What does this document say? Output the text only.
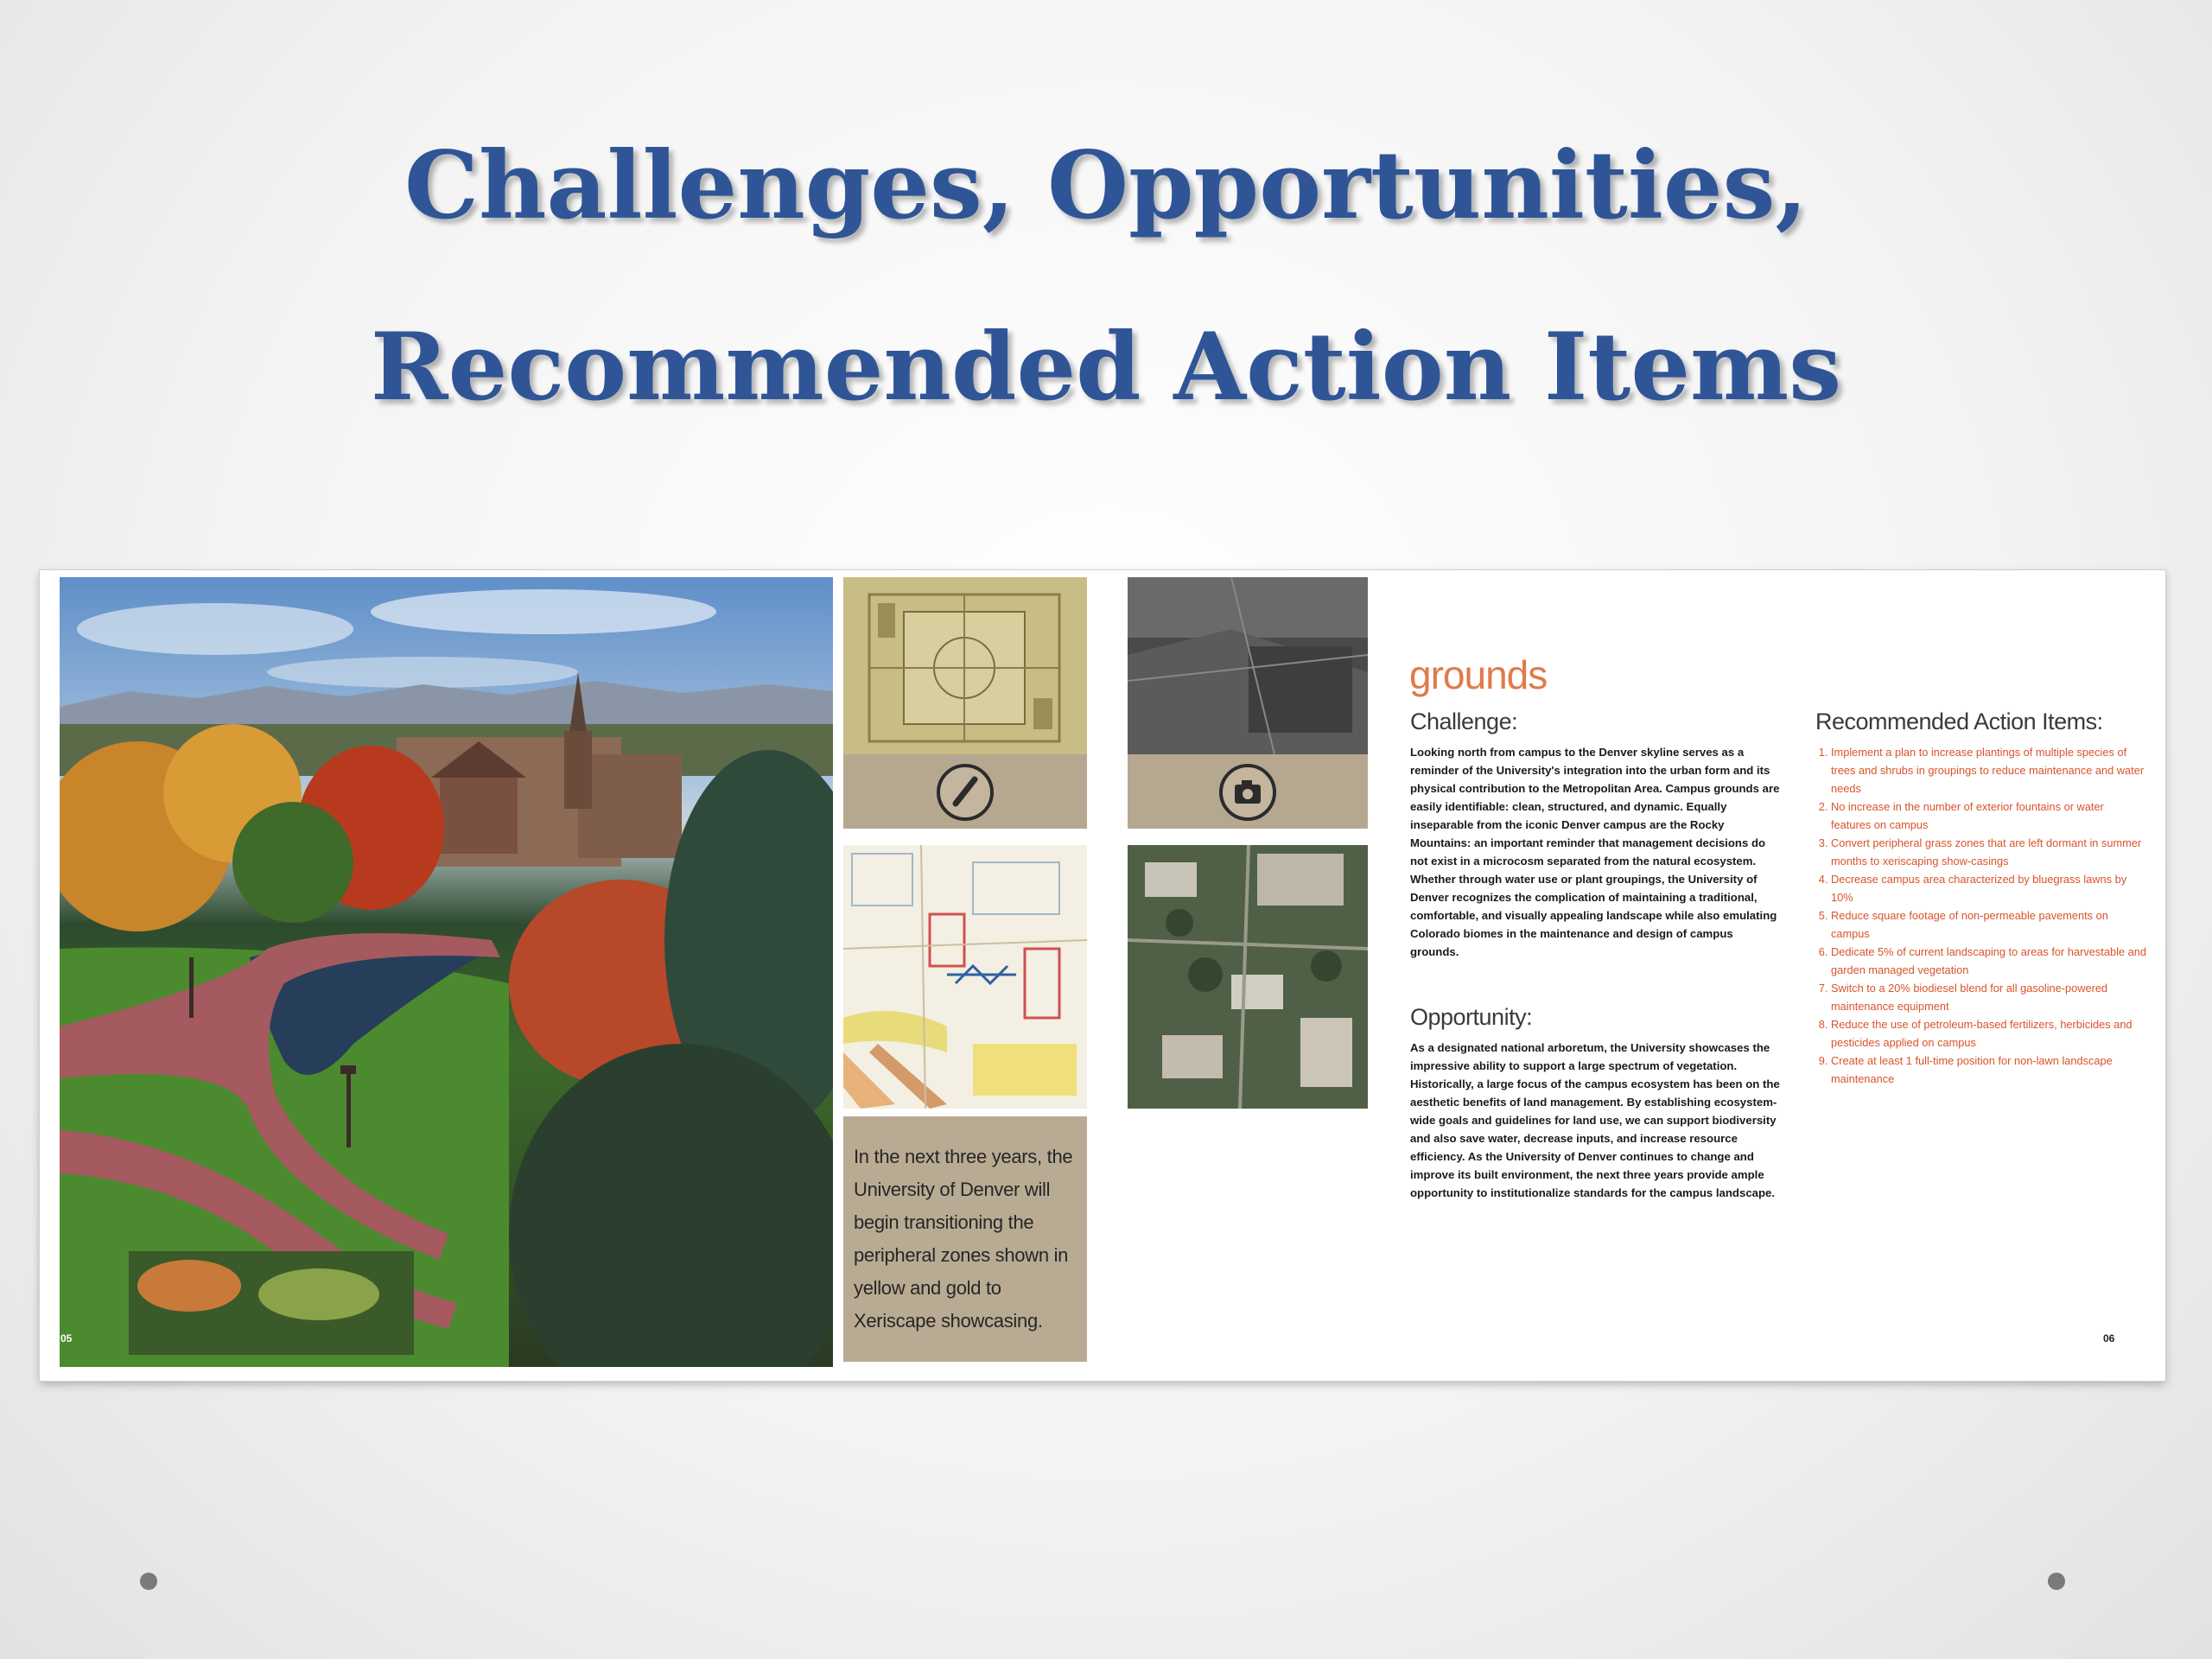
Challenges, Opportunities,
Recommended Action Items
05
In the next three years, the University of Denver will begin transitioning the peripheral zones shown in yellow and gold to Xeriscape showcasing.
grounds
Challenge:
Looking north from campus to the Denver skyline serves as a reminder of the University's integration into the urban form and its physical contribution to the Metropolitan Area. Campus grounds are easily identifiable: clean, structured, and dynamic. Equally inseparable from the iconic Denver campus are the Rocky Mountains: an important reminder that management decisions do not exist in a microcosm separated from the natural ecosystem. Whether through water use or plant groupings, the University of Denver recognizes the complication of maintaining a traditional, comfortable, and visually appealing landscape while also emulating Colorado biomes in the maintenance and design of campus grounds.
Opportunity:
As a designated national arboretum, the University showcases the impressive ability to support a large spectrum of vegetation. Historically, a large focus of the campus ecosystem has been on the aesthetic benefits of land management. By establishing ecosystem-wide goals and guidelines for land use, we can support biodiversity and also save water, decrease inputs, and increase resource efficiency. As the University of Denver continues to change and improve its built environment, the next three years provide ample opportunity to institutionalize standards for the campus landscape.
Recommended Action Items:
1. Implement a plan to increase plantings of multiple species of trees and shrubs in groupings to reduce maintenance and water needs
2. No increase in the number of exterior fountains or water features on campus
3. Convert peripheral grass zones that are left dormant in summer months to xeriscaping show-casings
4. Decrease campus area characterized by bluegrass lawns by 10%
5. Reduce square footage of non-permeable pavements on campus
6. Dedicate 5% of current landscaping to areas for harvestable and garden managed vegetation
7. Switch to a 20% biodiesel blend for all gasoline-powered maintenance equipment
8. Reduce the use of petroleum-based fertilizers, herbicides and pesticides applied on campus
9. Create at least 1 full-time position for non-lawn landscape maintenance
06
